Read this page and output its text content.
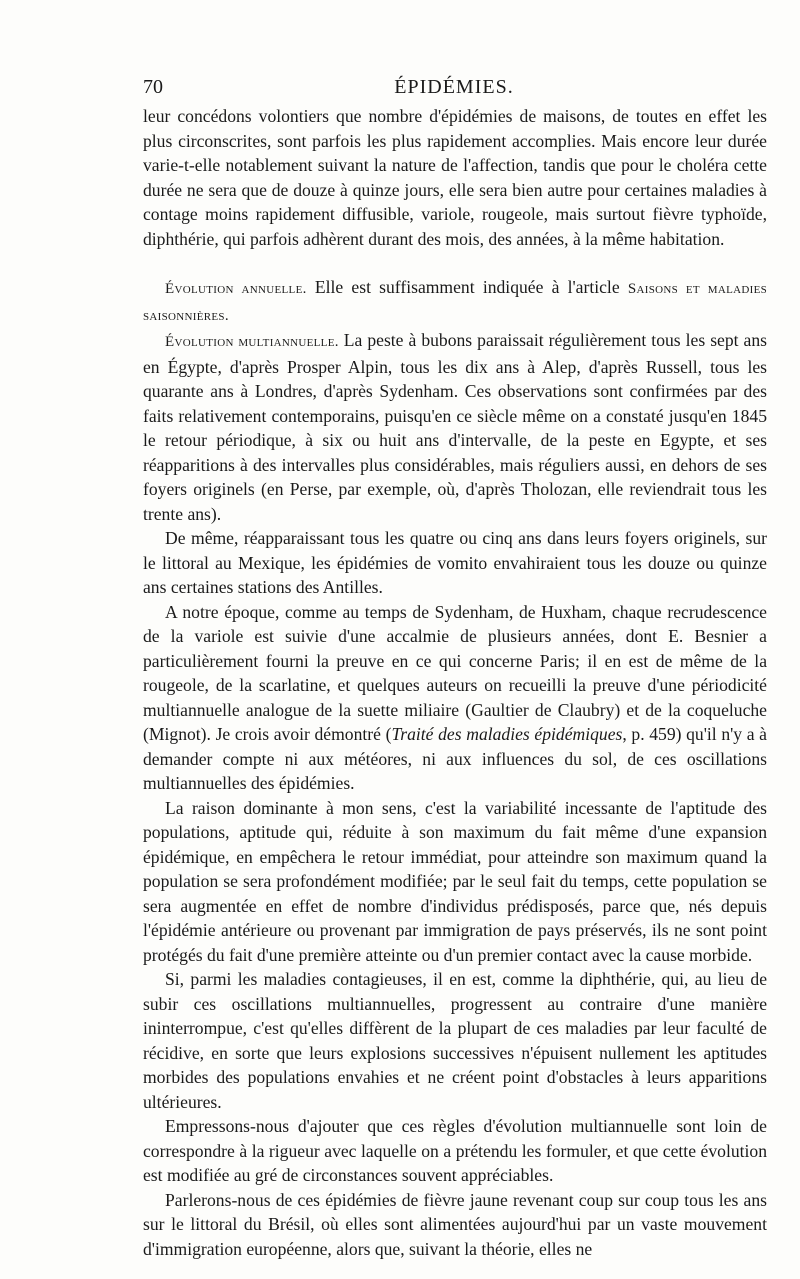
70	ÉPIDÉMIES.

leur concédons volontiers que nombre d'épidémies de maisons, de toutes en effet les plus circonscrites, sont parfois les plus rapidement accomplies. Mais encore leur durée varie-t-elle notablement suivant la nature de l'affection, tandis que pour le choléra cette durée ne sera que de douze à quinze jours, elle sera bien autre pour certaines maladies à contage moins rapidement diffusible, variole, rougeole, mais surtout fièvre typhoïde, diphthérie, qui parfois adhèrent durant des mois, des années, à la même habitation.

Évolution annuelle. Elle est suffisamment indiquée à l'article Saisons et maladies saisonnières.

Évolution multiannuelle. La peste à bubons paraissait régulièrement tous les sept ans en Égypte, d'après Prosper Alpin, tous les dix ans à Alep, d'après Russell, tous les quarante ans à Londres, d'après Sydenham. Ces observations sont confirmées par des faits relativement contemporains, puisqu'en ce siècle même on a constaté jusqu'en 1845 le retour périodique, à six ou huit ans d'intervalle, de la peste en Egypte, et ses réapparitions à des intervalles plus considérables, mais réguliers aussi, en dehors de ses foyers originels (en Perse, par exemple, où, d'après Tholozan, elle reviendrait tous les trente ans).

De même, réapparaissant tous les quatre ou cinq ans dans leurs foyers originels, sur le littoral au Mexique, les épidémies de vomito envahiraient tous les douze ou quinze ans certaines stations des Antilles.

A notre époque, comme au temps de Sydenham, de Huxham, chaque recrudescence de la variole est suivie d'une accalmie de plusieurs années, dont E. Besnier a particulièrement fourni la preuve en ce qui concerne Paris; il en est de même de la rougeole, de la scarlatine, et quelques auteurs on recueilli la preuve d'une périodicité multiannuelle analogue de la suette miliaire (Gaultier de Claubry) et de la coqueluche (Mignot). Je crois avoir démontré (Traité des maladies épidémiques, p. 459) qu'il n'y a à demander compte ni aux météores, ni aux influences du sol, de ces oscillations multiannuelles des épidémies.

La raison dominante à mon sens, c'est la variabilité incessante de l'aptitude des populations, aptitude qui, réduite à son maximum du fait même d'une expansion épidémique, en empêchera le retour immédiat, pour atteindre son maximum quand la population se sera profondément modifiée; par le seul fait du temps, cette population se sera augmentée en effet de nombre d'individus prédisposés, parce que, nés depuis l'épidémie antérieure ou provenant par immigration de pays préservés, ils ne sont point protégés du fait d'une première atteinte ou d'un premier contact avec la cause morbide.

Si, parmi les maladies contagieuses, il en est, comme la diphthérie, qui, au lieu de subir ces oscillations multiannuelles, progressent au contraire d'une manière ininterrompue, c'est qu'elles diffèrent de la plupart de ces maladies par leur faculté de récidive, en sorte que leurs explosions successives n'épuisent nullement les aptitudes morbides des populations envahies et ne créent point d'obstacles à leurs apparitions ultérieures.

Empressons-nous d'ajouter que ces règles d'évolution multiannuelle sont loin de correspondre à la rigueur avec laquelle on a prétendu les formuler, et que cette évolution est modifiée au gré de circonstances souvent appréciables.

Parlerons-nous de ces épidémies de fièvre jaune revenant coup sur coup tous les ans sur le littoral du Brésil, où elles sont alimentées aujourd'hui par un vaste mouvement d'immigration européenne, alors que, suivant la théorie, elles ne
